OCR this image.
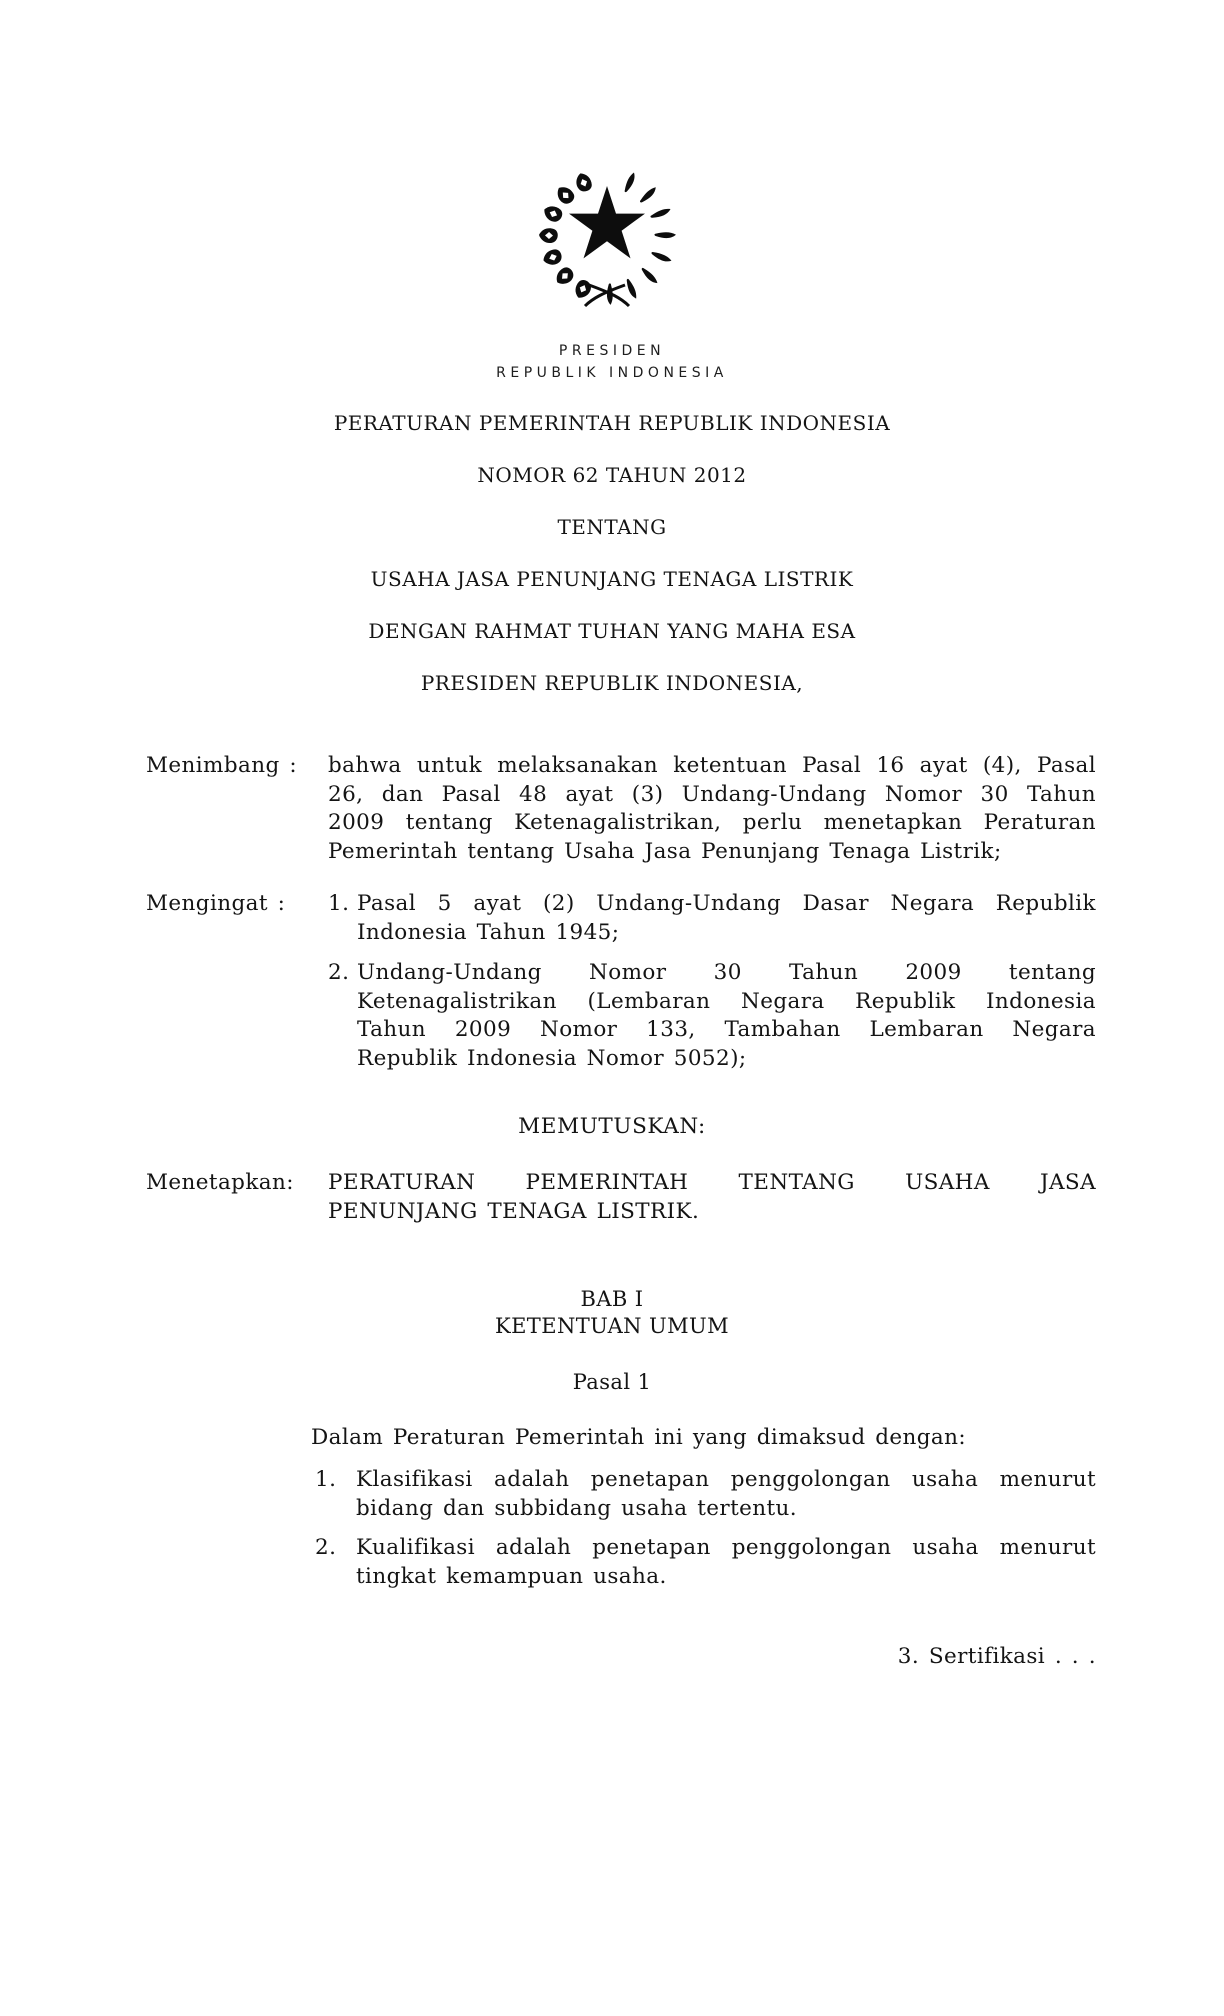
PRESIDEN
REPUBLIK INDONESIA
PERATURAN PEMERINTAH REPUBLIK INDONESIA
NOMOR 62 TAHUN 2012
TENTANG
USAHA JASA PENUNJANG TENAGA LISTRIK
DENGAN RAHMAT TUHAN YANG MAHA ESA
PRESIDEN REPUBLIK INDONESIA,
Menimbang :	bahwa untuk melaksanakan ketentuan Pasal 16 ayat (4), Pasal
26, dan Pasal 48 ayat (3) Undang-Undang Nomor 30 Tahun
2009 tentang Ketenagalistrikan, perlu menetapkan Peraturan
Pemerintah tentang Usaha Jasa Penunjang Tenaga Listrik;
Mengingat :	1. Pasal 5 ayat (2) Undang-Undang Dasar Negara Republik
Indonesia Tahun 1945;
2. Undang-Undang Nomor 30 Tahun 2009 tentang
Ketenagalistrikan (Lembaran Negara Republik Indonesia
Tahun 2009 Nomor 133, Tambahan Lembaran Negara
Republik Indonesia Nomor 5052);
MEMUTUSKAN:
Menetapkan:	PERATURAN PEMERINTAH TENTANG USAHA JASA
PENUNJANG TENAGA LISTRIK.
BAB I
KETENTUAN UMUM
Pasal 1
Dalam Peraturan Pemerintah ini yang dimaksud dengan:
1. Klasifikasi adalah penetapan penggolongan usaha menurut
bidang dan subbidang usaha tertentu.
2. Kualifikasi adalah penetapan penggolongan usaha menurut
tingkat kemampuan usaha.
3. Sertifikasi . . .
